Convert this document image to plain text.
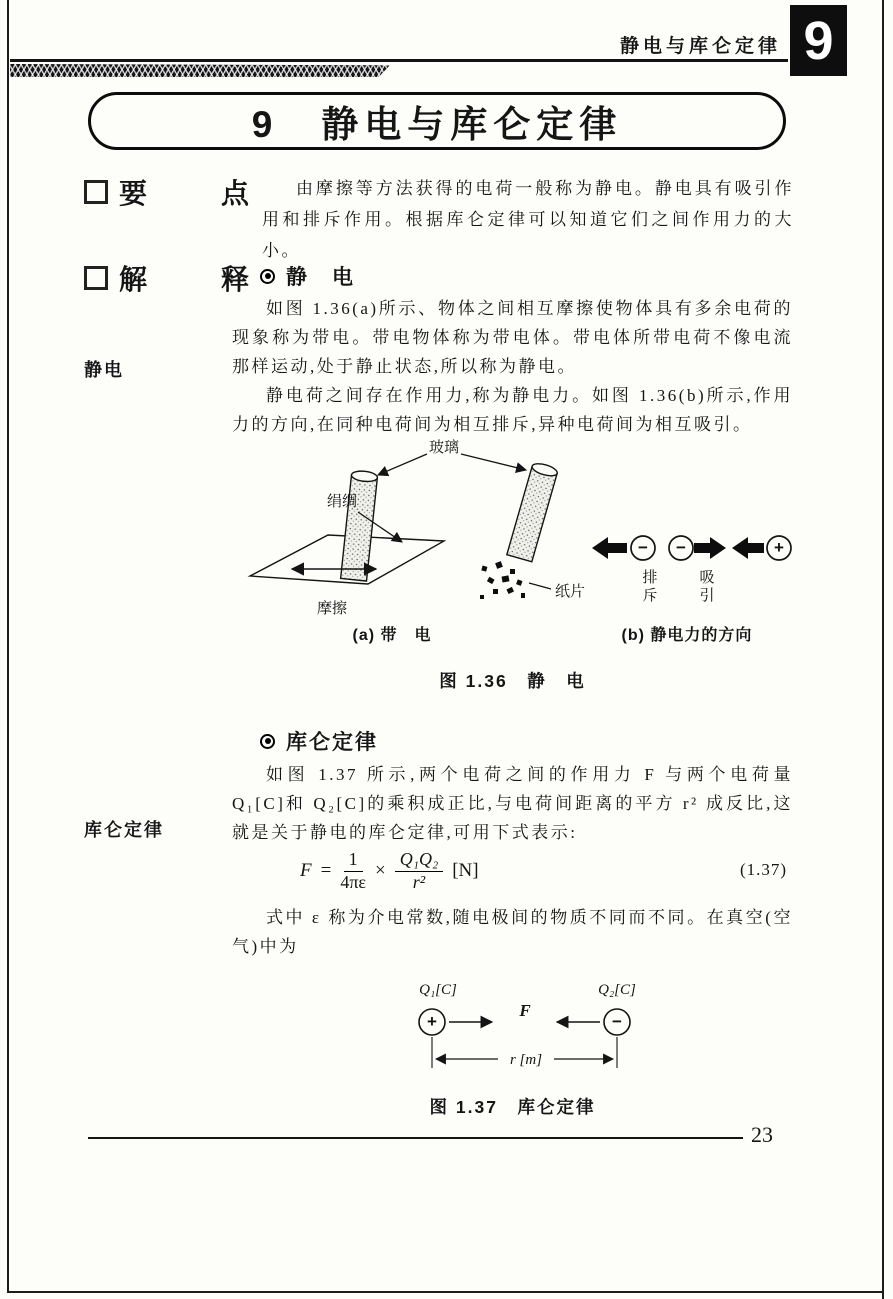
静电与库仑定律 9
9　静电与库仑定律
要	点	由摩擦等方法获得的电荷一般称为静电。静电具有吸引作用和排斥作用。根据库仑定律可以知道它们之间作用力的大小。

解	释 静　电
静电

如图 1.36(a)所示、物体之间相互摩擦使物体具有多余电荷的现象称为带电。带电物体称为带电体。带电体所带电荷不像电流那样运动,处于静止状态,所以称为静电。

静电荷之间存在作用力,称为静电力。如图 1.36(b)所示,作用力的方向,在同种电荷间为相互排斥,异种电荷间为相互吸引。

摩擦
玻璃
绢绸
纸片
− −	+
排
斥
吸
引
(a) 带　电	(b) 静电力的方向
图 1.36　静　电
库仑定律
库仑定律

如图 1.37 所示,两个电荷之间的作用力 F 与两个电荷量 Q₁[C]和 Q₂[C]的乘积成正比,与电荷间距离的平方 r² 成反比,这就是关于静电的库仑定律,可用下式表示:

$F = \frac{1}{4\pi\varepsilon} \times \frac{\text{Q₁Q₂}}{\text{r²}} [N]$	(1.37)

式中 ε 称为介电常数,随电极间的物质不同而不同。在真空(空气)中为

Q₁[C]	Q₂[C]
+	−
F
r [m]
图 1.37　库仑定律
23
